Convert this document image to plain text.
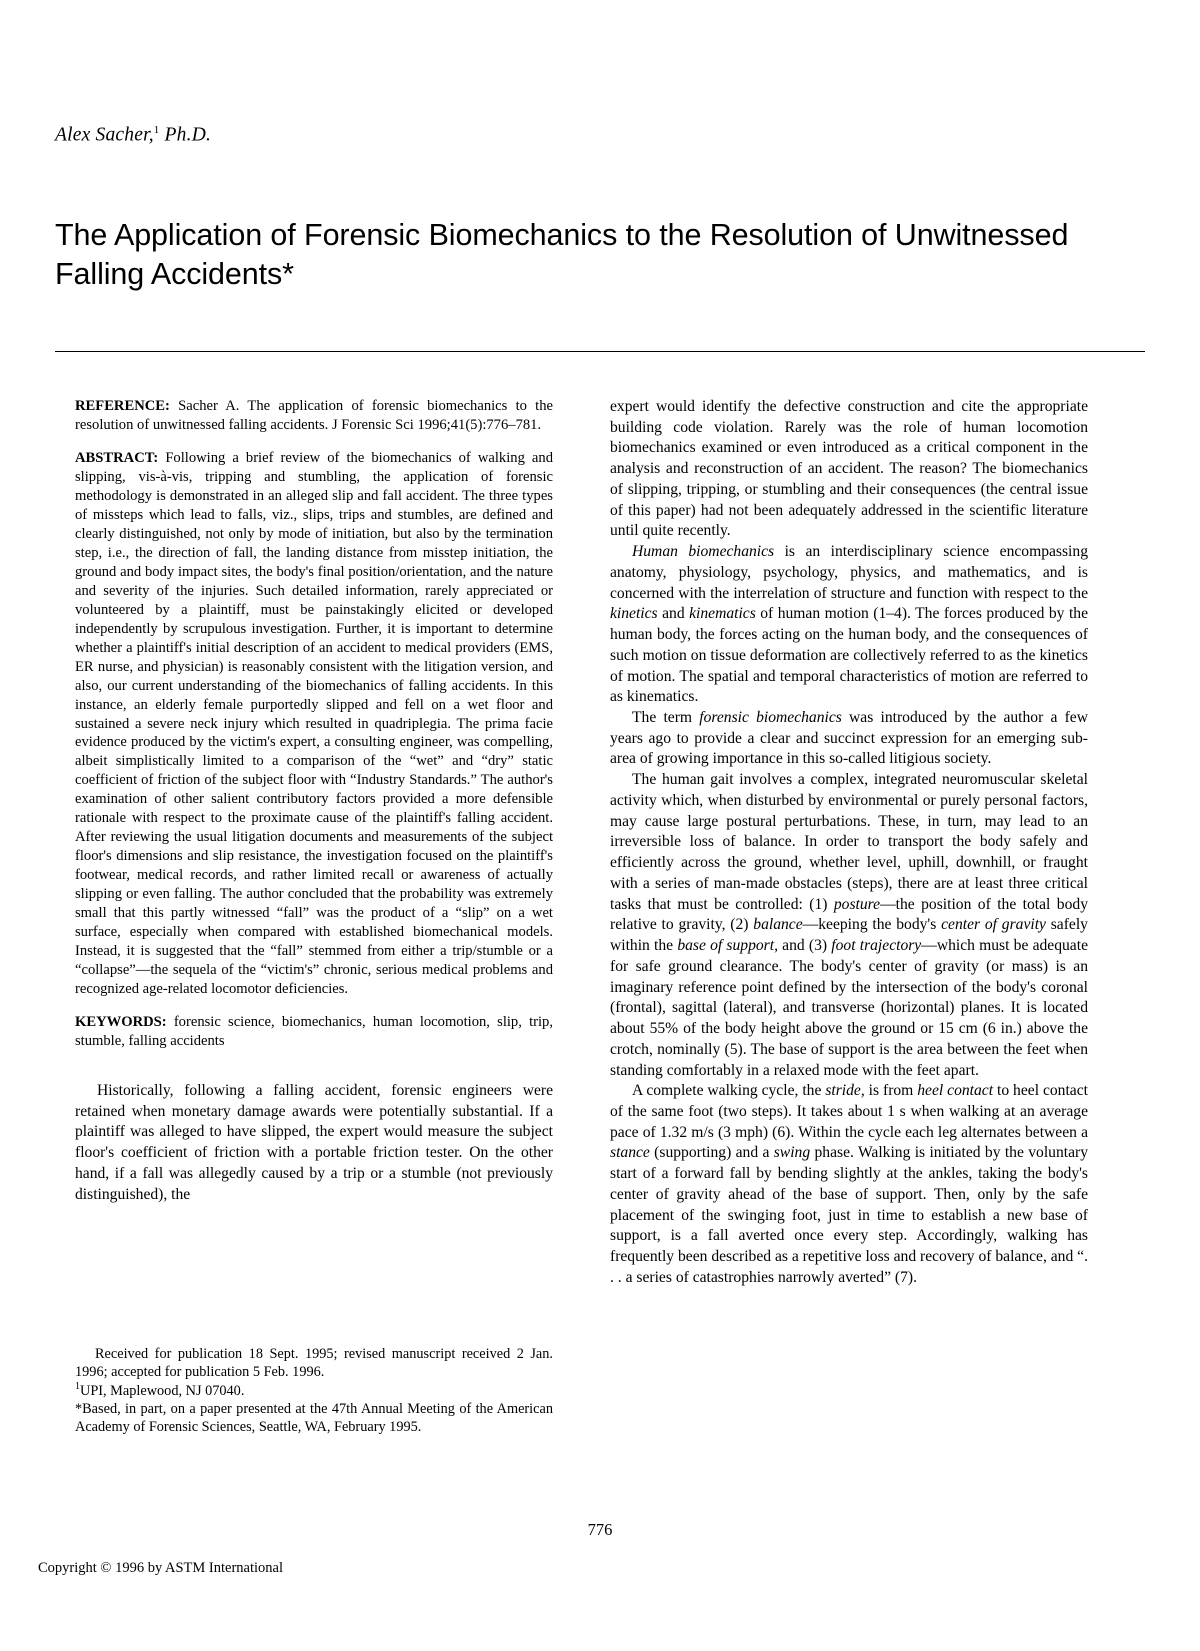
Alex Sacher,$^1$ Ph.D.
The Application of Forensic Biomechanics to the Resolution of Unwitnessed Falling Accidents*
REFERENCE: Sacher A. The application of forensic biomechanics to the resolution of unwitnessed falling accidents. J Forensic Sci 1996;41(5):776–781.
ABSTRACT: Following a brief review of the biomechanics of walking and slipping, vis-à-vis, tripping and stumbling, the application of forensic methodology is demonstrated in an alleged slip and fall accident. The three types of missteps which lead to falls, viz., slips, trips and stumbles, are defined and clearly distinguished, not only by mode of initiation, but also by the termination step, i.e., the direction of fall, the landing distance from misstep initiation, the ground and body impact sites, the body's final position/orientation, and the nature and severity of the injuries. Such detailed information, rarely appreciated or volunteered by a plaintiff, must be painstakingly elicited or developed independently by scrupulous investigation. Further, it is important to determine whether a plaintiff's initial description of an accident to medical providers (EMS, ER nurse, and physician) is reasonably consistent with the litigation version, and also, our current understanding of the biomechanics of falling accidents. In this instance, an elderly female purportedly slipped and fell on a wet floor and sustained a severe neck injury which resulted in quadriplegia. The prima facie evidence produced by the victim's expert, a consulting engineer, was compelling, albeit simplistically limited to a comparison of the “wet” and “dry” static coefficient of friction of the subject floor with “Industry Standards.” The author's examination of other salient contributory factors provided a more defensible rationale with respect to the proximate cause of the plaintiff's falling accident. After reviewing the usual litigation documents and measurements of the subject floor's dimensions and slip resistance, the investigation focused on the plaintiff's footwear, medical records, and rather limited recall or awareness of actually slipping or even falling. The author concluded that the probability was extremely small that this partly witnessed “fall” was the product of a “slip” on a wet surface, especially when compared with established biomechanical models. Instead, it is suggested that the “fall” stemmed from either a trip/stumble or a “collapse”—the sequela of the “victim's” chronic, serious medical problems and recognized age-related locomotor deficiencies.
KEYWORDS: forensic science, biomechanics, human locomotion, slip, trip, stumble, falling accidents

Historically, following a falling accident, forensic engineers were retained when monetary damage awards were potentially substantial. If a plaintiff was alleged to have slipped, the expert would measure the subject floor's coefficient of friction with a portable friction tester. On the other hand, if a fall was allegedly caused by a trip or a stumble (not previously distinguished), the

expert would identify the defective construction and cite the appropriate building code violation. Rarely was the role of human locomotion biomechanics examined or even introduced as a critical component in the analysis and reconstruction of an accident. The reason? The biomechanics of slipping, tripping, or stumbling and their consequences (the central issue of this paper) had not been adequately addressed in the scientific literature until quite recently.

Human biomechanics is an interdisciplinary science encompassing anatomy, physiology, psychology, physics, and mathematics, and is concerned with the interrelation of structure and function with respect to the kinetics and kinematics of human motion (1–4). The forces produced by the human body, the forces acting on the human body, and the consequences of such motion on tissue deformation are collectively referred to as the kinetics of motion. The spatial and temporal characteristics of motion are referred to as kinematics.

The term forensic biomechanics was introduced by the author a few years ago to provide a clear and succinct expression for an emerging sub-area of growing importance in this so-called litigious society.

The human gait involves a complex, integrated neuromuscular skeletal activity which, when disturbed by environmental or purely personal factors, may cause large postural perturbations. These, in turn, may lead to an irreversible loss of balance. In order to transport the body safely and efficiently across the ground, whether level, uphill, downhill, or fraught with a series of man-made obstacles (steps), there are at least three critical tasks that must be controlled: (1) posture—the position of the total body relative to gravity, (2) balance—keeping the body's center of gravity safely within the base of support, and (3) foot trajectory—which must be adequate for safe ground clearance. The body's center of gravity (or mass) is an imaginary reference point defined by the intersection of the body's coronal (frontal), sagittal (lateral), and transverse (horizontal) planes. It is located about 55% of the body height above the ground or 15 cm (6 in.) above the crotch, nominally (5). The base of support is the area between the feet when standing comfortably in a relaxed mode with the feet apart.

A complete walking cycle, the stride, is from heel contact to heel contact of the same foot (two steps). It takes about 1 s when walking at an average pace of 1.32 m/s (3 mph) (6). Within the cycle each leg alternates between a stance (supporting) and a swing phase. Walking is initiated by the voluntary start of a forward fall by bending slightly at the ankles, taking the body's center of gravity ahead of the base of support. Then, only by the safe placement of the swinging foot, just in time to establish a new base of support, is a fall averted once every step. Accordingly, walking has frequently been described as a repetitive loss and recovery of balance, and “. . . a series of catastrophies narrowly averted” (7).

Received for publication 18 Sept. 1995; revised manuscript received 2 Jan. 1996; accepted for publication 5 Feb. 1996.

$^1$UPI, Maplewood, NJ 07040.

*Based, in part, on a paper presented at the 47th Annual Meeting of the American Academy of Forensic Sciences, Seattle, WA, February 1995.

776
Copyright © 1996 by ASTM International
